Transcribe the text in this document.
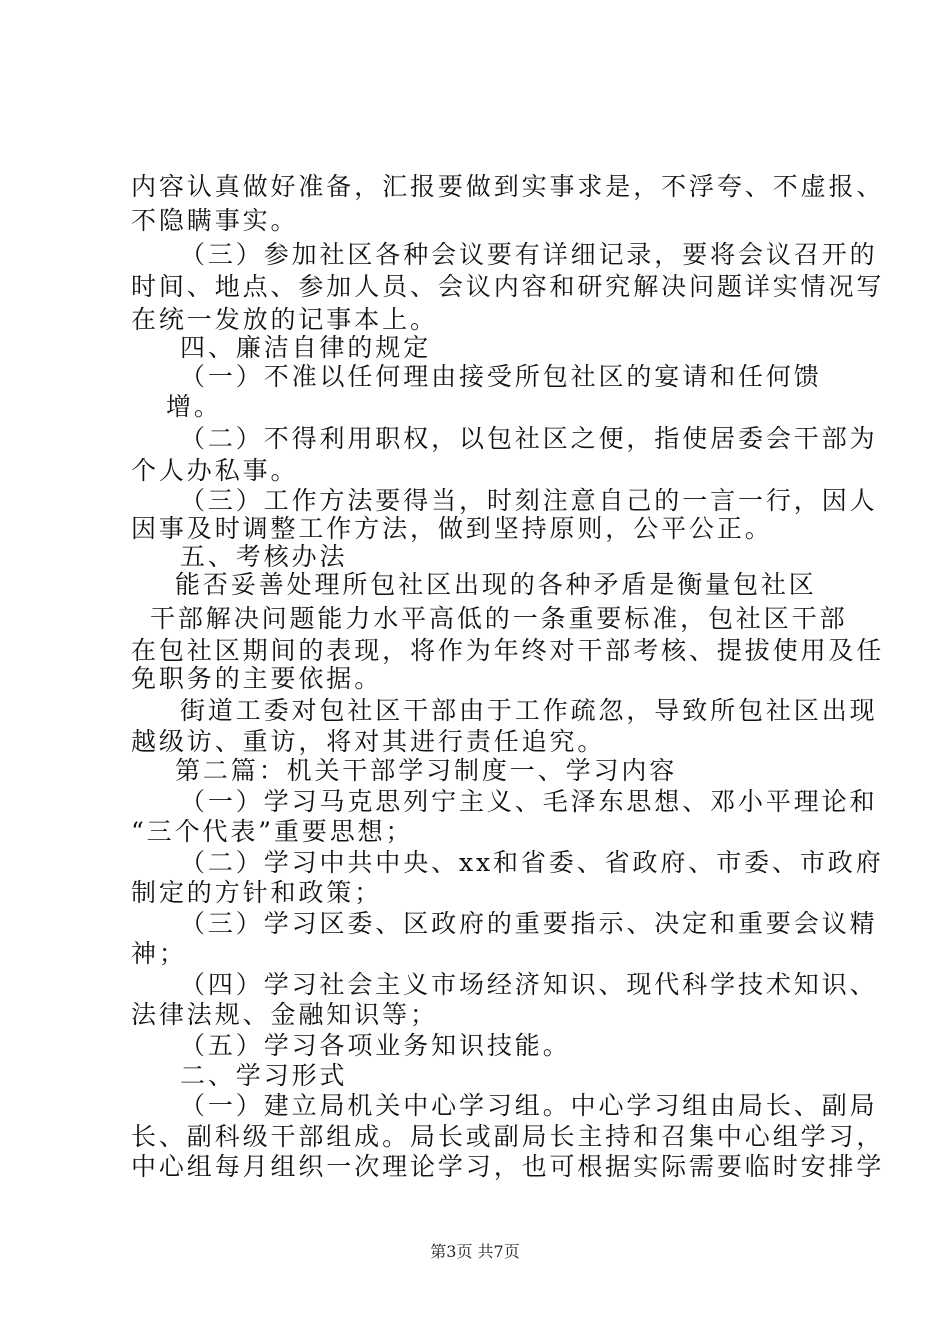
内容认真做好准备，汇报要做到实事求是，不浮夸、不虚报、
不隐瞒事实。
（三）参加社区各种会议要有详细记录，要将会议召开的
时间、地点、参加人员、会议内容和研究解决问题详实情况写
在统一发放的记事本上。
四、廉洁自律的规定
（一）不准以任何理由接受所包社区的宴请和任何馈
增。
（二）不得利用职权，以包社区之便，指使居委会干部为
个人办私事。
（三）工作方法要得当，时刻注意自己的一言一行，因人
因事及时调整工作方法，做到坚持原则，公平公正。
五、考核办法
能否妥善处理所包社区出现的各种矛盾是衡量包社区
干部解决问题能力水平高低的一条重要标准，包社区干部
在包社区期间的表现，将作为年终对干部考核、提拔使用及任
免职务的主要依据。
街道工委对包社区干部由于工作疏忽，导致所包社区出现
越级访、重访，将对其进行责任追究。
第二篇：机关干部学习制度一、学习内容
（一）学习马克思列宁主义、毛泽东思想、邓小平理论和
“三个代表”重要思想；
（二）学习中共中央、xx和省委、省政府、市委、市政府
制定的方针和政策；
（三）学习区委、区政府的重要指示、决定和重要会议精
神；
（四）学习社会主义市场经济知识、现代科学技术知识、
法律法规、金融知识等；
（五）学习各项业务知识技能。
二、学习形式
（一）建立局机关中心学习组。中心学习组由局长、副局
长、副科级干部组成。局长或副局长主持和召集中心组学习，
中心组每月组织一次理论学习，也可根据实际需要临时安排学
第3页 共7页
